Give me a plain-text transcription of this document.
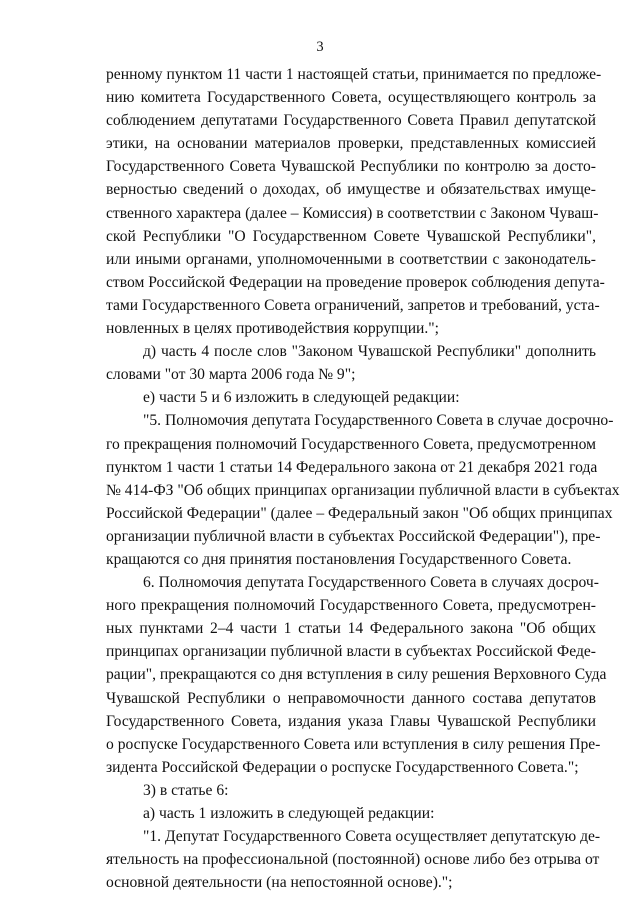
3
ренному пунктом 11 части 1 настоящей статьи, принимается по предложе-
нию комитета Государственного Совета, осуществляющего контроль за
соблюдением депутатами Государственного Совета Правил депутатской
этики, на основании материалов проверки, представленных комиссией
Государственного Совета Чувашской Республики по контролю за досто-
верностью сведений о доходах, об имуществе и обязательствах имуще-
ственного характера (далее – Комиссия) в соответствии с Законом Чуваш-
ской Республики "О Государственном Совете Чувашской Республики",
или иными органами, уполномоченными в соответствии с законодатель-
ством Российской Федерации на проведение проверок соблюдения депута-
тами Государственного Совета ограничений, запретов и требований, уста-
новленных в целях противодействия коррупции.";
д) часть 4 после слов "Законом Чувашской Республики" дополнить
словами "от 30 марта 2006 года № 9";
е) части 5 и 6 изложить в следующей редакции:
"5. Полномочия депутата Государственного Совета в случае досрочно-
го прекращения полномочий Государственного Совета, предусмотренном
пунктом 1 части 1 статьи 14 Федерального закона от 21 декабря 2021 года
№ 414-ФЗ "Об общих принципах организации публичной власти в субъектах
Российской Федерации" (далее – Федеральный закон "Об общих принципах
организации публичной власти в субъектах Российской Федерации"), пре-
кращаются со дня принятия постановления Государственного Совета.
6. Полномочия депутата Государственного Совета в случаях досроч-
ного прекращения полномочий Государственного Совета, предусмотрен-
ных пунктами 2–4 части 1 статьи 14 Федерального закона "Об общих
принципах организации публичной власти в субъектах Российской Феде-
рации", прекращаются со дня вступления в силу решения Верховного Суда
Чувашской Республики о неправомочности данного состава депутатов
Государственного Совета, издания указа Главы Чувашской Республики
о роспуске Государственного Совета или вступления в силу решения Пре-
зидента Российской Федерации о роспуске Государственного Совета.";
3) в статье 6:
а) часть 1 изложить в следующей редакции:
"1. Депутат Государственного Совета осуществляет депутатскую де-
ятельность на профессиональной (постоянной) основе либо без отрыва от
основной деятельности (на непостоянной основе).";
